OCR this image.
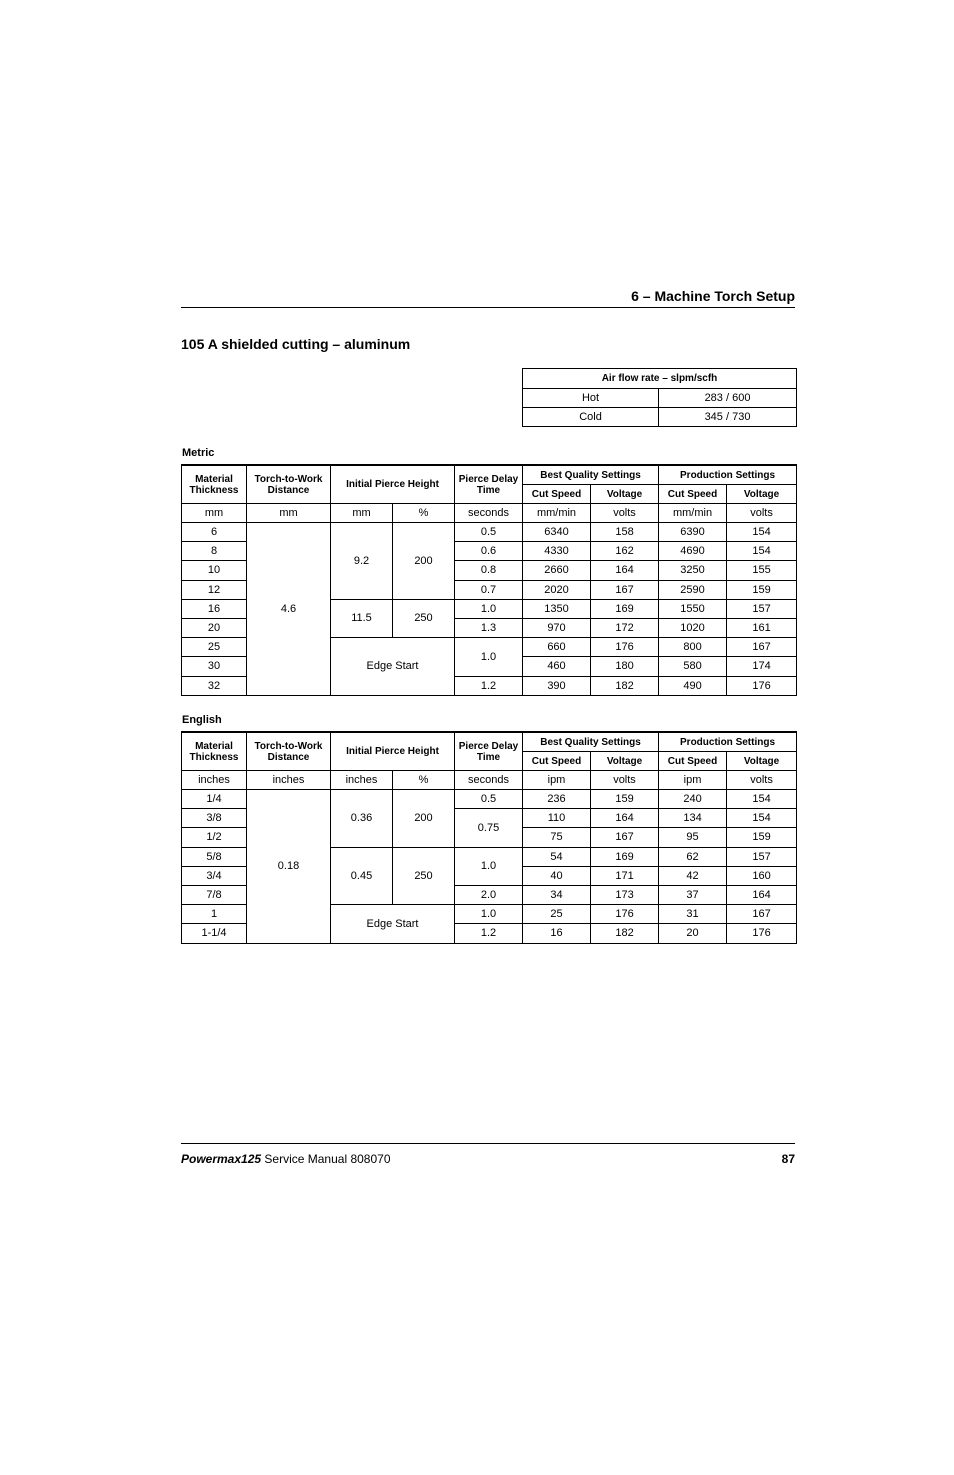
6 – Machine Torch Setup
105 A shielded cutting – aluminum
Air flow rate – slpm/scfh	
Hot	283 / 600
Cold	345 / 730
Metric
Material Thickness	Torch-to-Work Distance	Initial Pierce Height		Pierce Delay Time	Best Quality Settings		Production Settings	
					Cut Speed	Voltage	Cut Speed	Voltage
mm	mm	mm	%	seconds	mm/min	volts	mm/min	volts
6	4.6	9.2	200	0.5	6340	158	6390	154
8				0.6	4330	162	4690	154
10				0.8	2660	164	3250	155
12				0.7	2020	167	2590	159
16		11.5	250	1.0	1350	169	1550	157
20				1.3	970	172	1020	161
25		Edge Start		1.0	660	176	800	167
30					460	180	580	174
32				1.2	390	182	490	176
English
Material Thickness	Torch-to-Work Distance	Initial Pierce Height		Pierce Delay Time	Best Quality Settings		Production Settings	
					Cut Speed	Voltage	Cut Speed	Voltage
inches	inches	inches	%	seconds	ipm	volts	ipm	volts
1/4	0.18	0.36	200	0.5	236	159	240	154
3/8				0.75	110	164	134	154
1/2					75	167	95	159
5/8		0.45	250	1.0	54	169	62	157
3/4					40	171	42	160
7/8				2.0	34	173	37	164
1		Edge Start		1.0	25	176	31	167
1-1/4				1.2	16	182	20	176
Powermax125 Service Manual 808070	87
